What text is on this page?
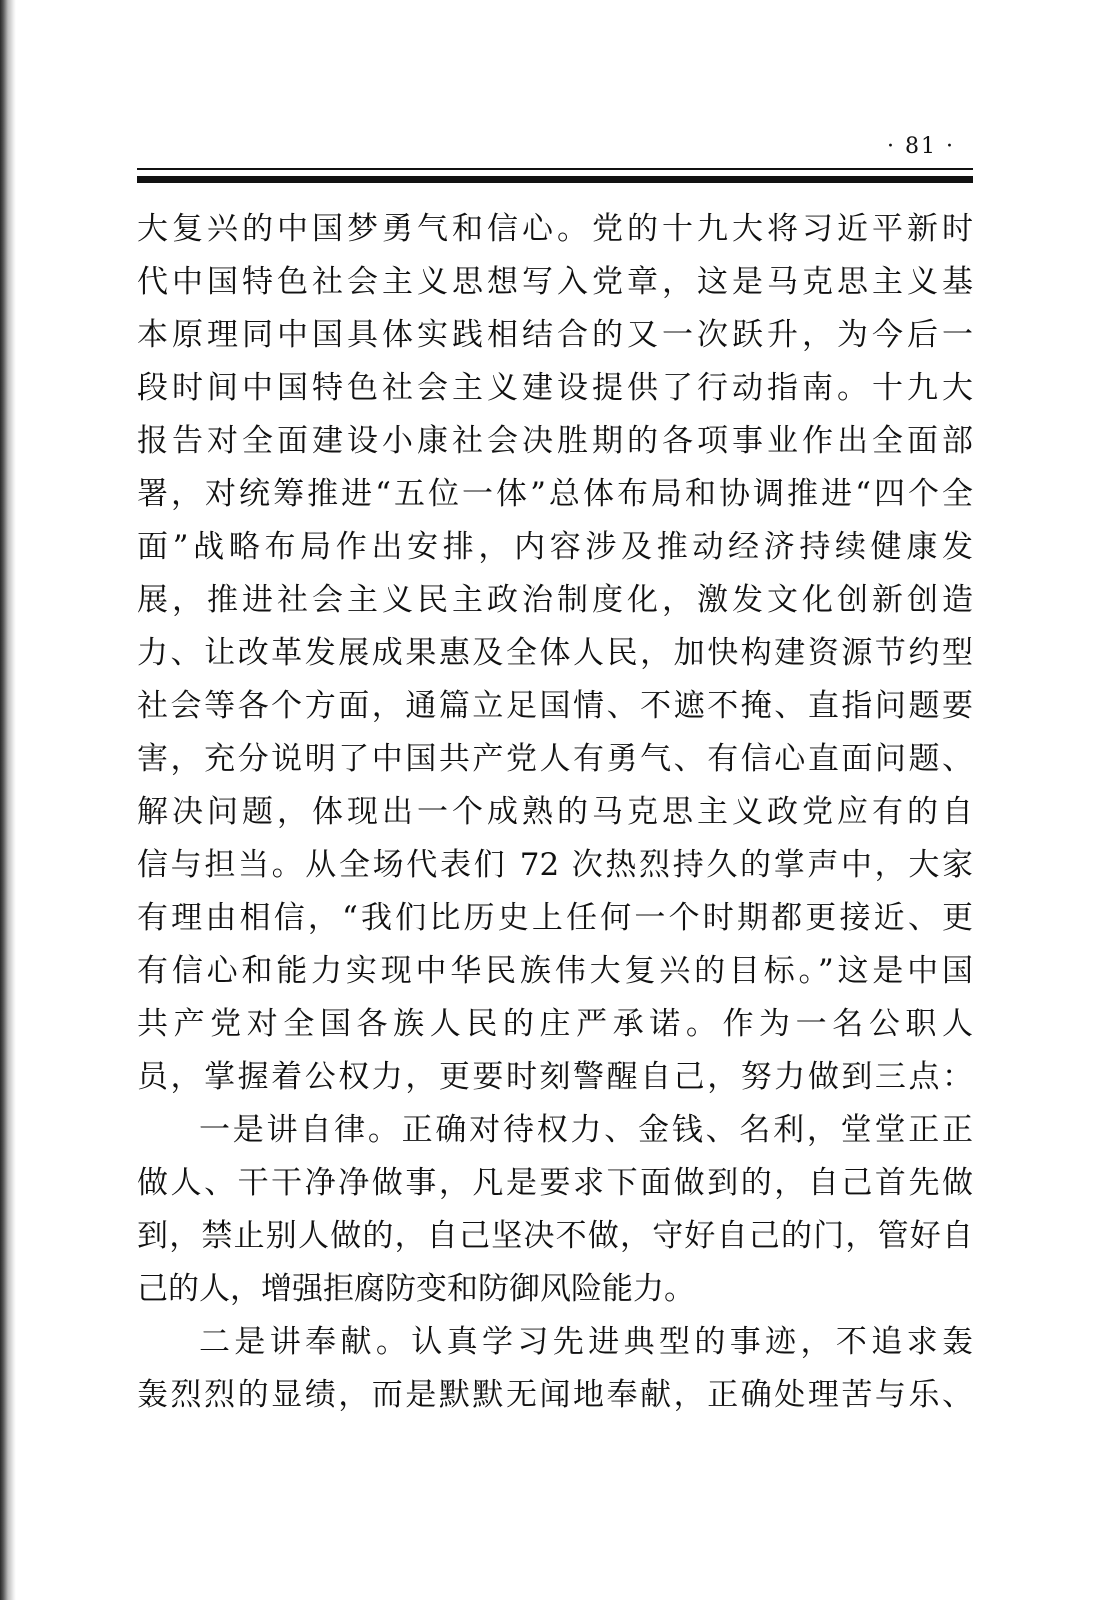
· 81 ·
大复兴的中国梦勇气和信心。党的十九大将习近平新时
代中国特色社会主义思想写入党章，这是马克思主义基
本原理同中国具体实践相结合的又一次跃升，为今后一
段时间中国特色社会主义建设提供了行动指南。十九大
报告对全面建设小康社会决胜期的各项事业作出全面部
署，对统筹推进“五位一体”总体布局和协调推进“四个全
面”战略布局作出安排，内容涉及推动经济持续健康发
展，推进社会主义民主政治制度化，激发文化创新创造
力、让改革发展成果惠及全体人民，加快构建资源节约型
社会等各个方面，通篇立足国情、不遮不掩、直指问题要
害，充分说明了中国共产党人有勇气、有信心直面问题、
解决问题，体现出一个成熟的马克思主义政党应有的自
信与担当。从全场代表们 72 次热烈持久的掌声中，大家
有理由相信，“我们比历史上任何一个时期都更接近、更
有信心和能力实现中华民族伟大复兴的目标。”这是中国
共产党对全国各族人民的庄严承诺。作为一名公职人
员，掌握着公权力，更要时刻警醒自己，努力做到三点：
一是讲自律。正确对待权力、金钱、名利，堂堂正正
做人、干干净净做事，凡是要求下面做到的，自己首先做
到，禁止别人做的，自己坚决不做，守好自己的门，管好自
己的人，增强拒腐防变和防御风险能力。
二是讲奉献。认真学习先进典型的事迹，不追求轰
轰烈烈的显绩，而是默默无闻地奉献，正确处理苦与乐、
